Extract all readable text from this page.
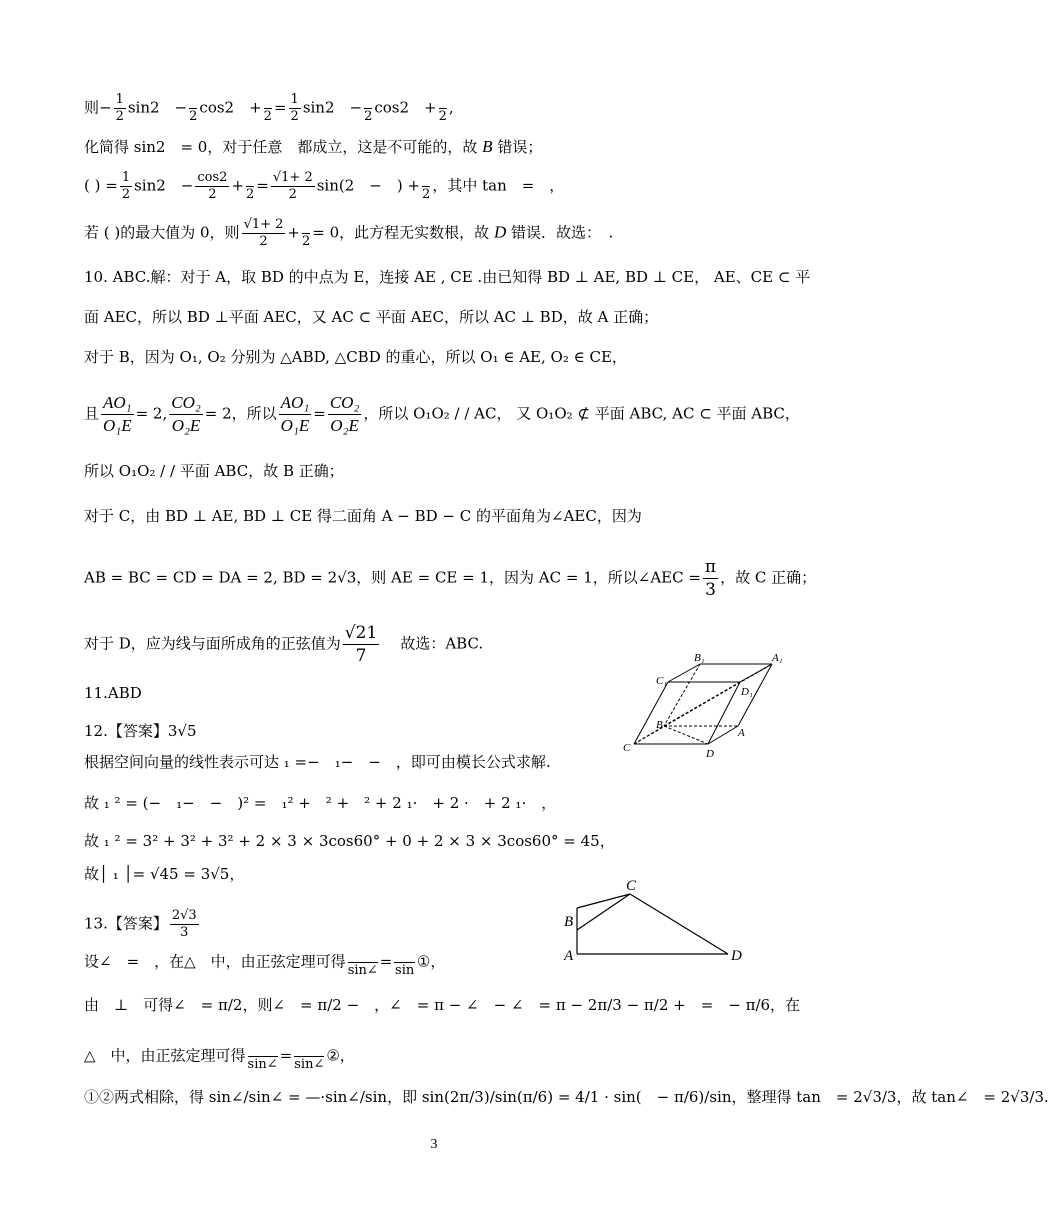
则− $\frac{1}{2} \sin 2$　−
2 cos2　+
$2 = \frac{1}{2} \sin 2$　−
2 cos2　+
2 ,
化简得 sin2　= 0，对于任意　都成立，这是不可能的，故 B 错误；
( ) = $\frac{1}{2} \sin 2$　− $\frac{\cos 2}{2}$ +
$2 = \frac{√1+ 2}{2} \sin(2$　−　) +
2 ，其中 tan　=　，
若 ( )的最大值为 0，则 $\frac{√1+ 2}{2}$ +
2 = 0，此方程无实数根，故 D 错误．故选：　.
10. ABC.解：对于 A，取 BD 的中点为 E，连接 AE , CE .由已知得 BD ⊥ AE, BD ⊥ CE， AE、CE ⊂ 平
面 AEC，所以 BD ⊥平面 AEC，又 AC ⊂ 平面 AEC，所以 AC ⊥ BD，故 A 正确；
对于 B，因为 O₁, O₂ 分别为 △ABD, △CBD 的重心，所以 O₁ ∈ AE, O₂ ∈ CE，
且 $\frac{\text{AO₁}}{\text{O₁E}} = 2$, $\frac{\text{CO₂}}{\text{O₂E}} = 2$，所以 $\frac{\text{AO₁}}{\text{O₁E}} = \frac{\text{CO₂}}{\text{O₂E}}$ ，所以 O₁O₂ / / AC， 又 O₁O₂ ⊄ 平面 ABC, AC ⊂ 平面 ABC，
所以 O₁O₂ / / 平面 ABC，故 B 正确；
对于 C，由 BD ⊥ AE, BD ⊥ CE 得二面角 A − BD − C 的平面角为∠AEC，因为
AB = BC = CD = DA = 2, BD = 2√3，则 AE = CE = 1，因为 AC = 1，所以∠AEC = $\frac{\pi}{3}$ ，故 C 正确；
对于 D，应为线与面所成角的正弦值为 $\frac{√21}{7}$ 故选：ABC.
11.ABD
12.【答案】3√5
根据空间向量的线性表示可达 ₁ =−　₁−　−　，即可由模长公式求解.
故 ₁ ² = (−　₁−　−　)² =　₁² +　² +　² + 2 ₁·　+ 2 ·　+ 2 ₁·　，
故 ₁ ² = 3² + 3² + 3² + 2 × 3 × 3cos60° + 0 + 2 × 3 × 3cos60° = 45，
故│ ₁ │= √45 = 3√5，
13.【答案】 $\frac{2√3}{3}$
设∠　=　，在△　中，由正弦定理可得
sin∠ =
sin ①，
由　⊥　可得∠　= π/2，则∠　= π/2 −　，∠　= π − ∠　− ∠　= π − 2π/3 − π/2 +　=　− π/6，在
△　中，由正弦定理可得
sin∠ =
sin∠ ②，
①②两式相除，得 sin∠/sin∠ = —·sin∠/sin，即 sin(2π/3)/sin(π/6) = 4/1 · sin(　− π/6)/sin，整理得 tan　= 2√3/3，故 tan∠　= 2√3/3.
B₁	A₁
C₁
D₁
B
A
C	D
C
B
A	D
3
